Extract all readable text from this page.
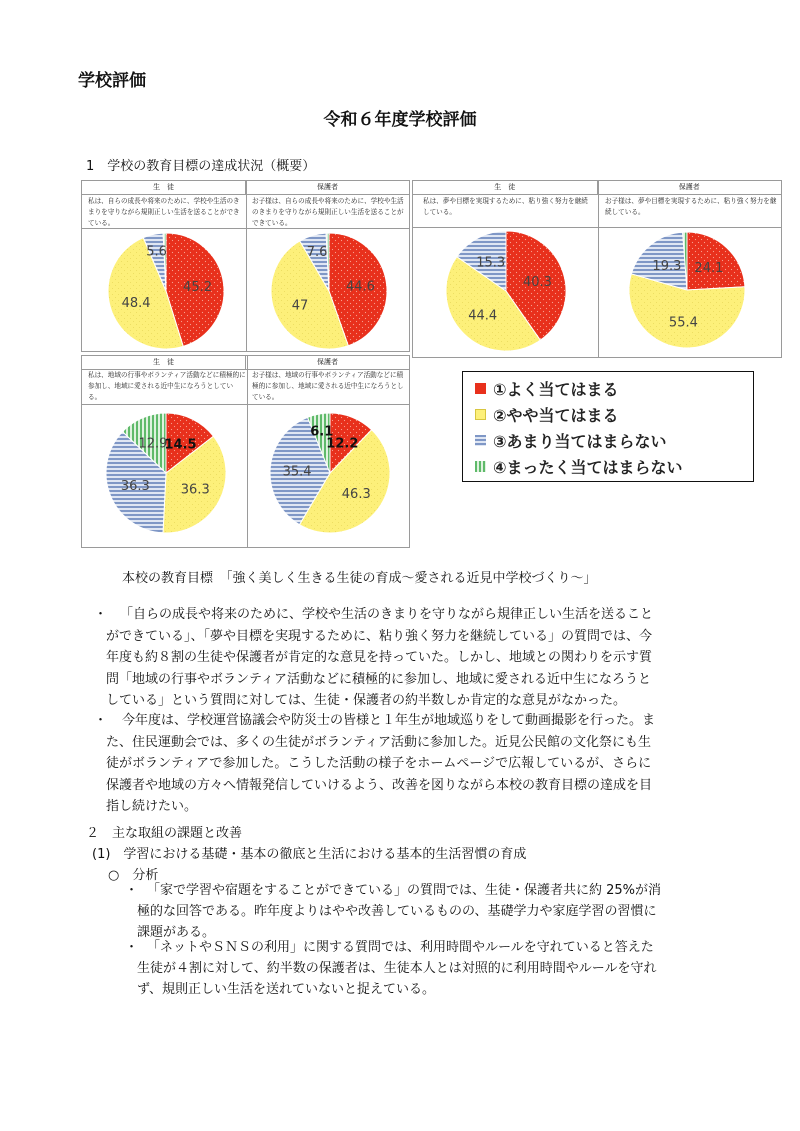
学校評価
令和６年度学校評価
1　学校の教育目標の達成状況（概要）
生　徒	保護者
私は、自らの成長や将来のために、学校や生活のきまりを守りながら規則正しい生活を送ることができている。
お子様は、自らの成長や将来のために、学校や生活のきまりを守りながら規則正しい生活を送ることができている。
45.2
48.4
5.6
44.6
47
7.6
生　徒	保護者
私は、夢や目標を実現するために、粘り強く努力を継続している。
お子様は、夢や目標を実現するために、粘り強く努力を継続している。
40.3
44.4
15.3	24.1
55.4
19.3
生　徒	保護者
私は、地域の行事やボランティア活動などに積極的に参加し、地域に愛される近中生になろうとしている。
お子様は、地域の行事やボランティア活動などに積極的に参加し、地域に愛される近中生になろうとしている。
14.5
36.3
36.3
12.9	12.2
46.3
35.4
6.1
①よく当てはまる
②やや当てはまる
③あまり当てはまらない
④まったく当てはまらない
本校の教育目標　「強く美しく生きる生徒の育成～愛される近見中学校づくり～」
・ 「自らの成長や将来のために、学校や生活のきまりを守りながら規律正しい生活を送ること
ができている」、「夢や目標を実現するために、粘り強く努力を継続している」の質問では、今
年度も約８割の生徒や保護者が肯定的な意見を持っていた。しかし、地域との関わりを示す質
問「地域の行事やボランティア活動などに積極的に参加し、地域に愛される近中生になろうと
している」という質問に対しては、生徒・保護者の約半数しか肯定的な意見がなかった。
・ 今年度は、学校運営協議会や防災士の皆様と１年生が地域巡りをして動画撮影を行った。ま
た、住民運動会では、多くの生徒がボランティア活動に参加した。近見公民館の文化祭にも生
徒がボランティアで参加した。こうした活動の様子をホームページで広報しているが、さらに
保護者や地域の方々へ情報発信していけるよう、改善を図りながら本校の教育目標の達成を目
指し続けたい。
２　主な取組の課題と改善
(1)　学習における基礎・基本の徹底と生活における基本的生活習慣の育成
○　分析
・ 「家で学習や宿題をすることができている」の質問では、生徒・保護者共に約 25%が消
極的な回答である。昨年度よりはやや改善しているものの、基礎学力や家庭学習の習慣に
課題がある。
・ 「ネットやＳＮＳの利用」に関する質問では、利用時間やルールを守れていると答えた
生徒が４割に対して、約半数の保護者は、生徒本人とは対照的に利用時間やルールを守れ
ず、規則正しい生活を送れていないと捉えている。
